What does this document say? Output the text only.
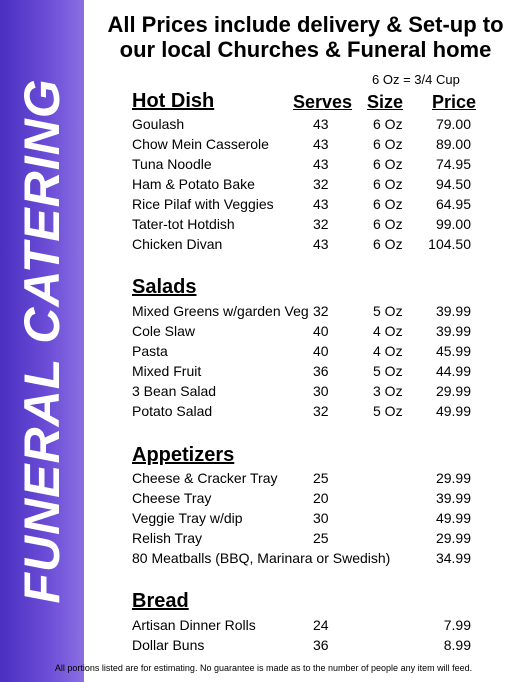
FUNERAL CATERING
All Prices include delivery & Set-up to
our local Churches & Funeral home
6 Oz = 3/4 Cup
Hot Dish	Serves Size Price
Goulash	43	6 Oz 79.00
Chow Mein Casserole	43	6 Oz 89.00
Tuna Noodle	43	6 Oz 74.95
Ham & Potato Bake	32	6 Oz 94.50
Rice Pilaf with Veggies	43	6 Oz 64.95
Tater-tot Hotdish	32	6 Oz 99.00
Chicken Divan	43	6 Oz 104.50
Salads
Mixed Greens w/garden Veg 32	5 Oz 39.99
Cole Slaw	40	4 Oz 39.99
Pasta	40	4 Oz 45.99
Mixed Fruit	36	5 Oz 44.99
3 Bean Salad	30	3 Oz 29.99
Potato Salad	32	5 Oz 49.99
Appetizers
Cheese & Cracker Tray	25	29.99
Cheese Tray	20	39.99
Veggie Tray w/dip	30	49.99
Relish Tray	25	29.99
80 Meatballs (BBQ, Marinara or Swedish)	34.99
Bread
Artisan Dinner Rolls	24	7.99
Dollar Buns	36	8.99
All portions listed are for estimating. No guarantee is made as to the number of people any item will feed.
